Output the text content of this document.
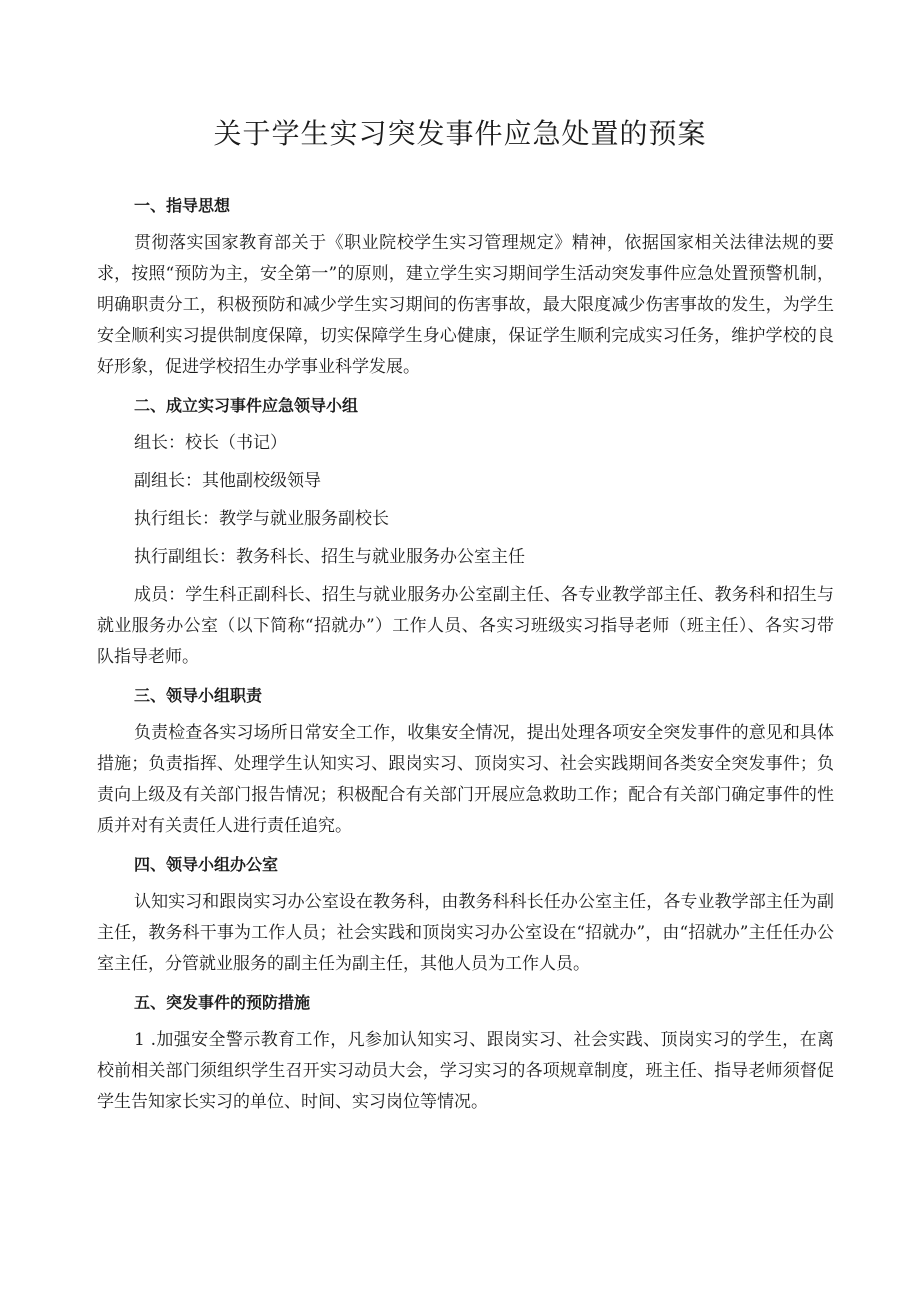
关于学生实习突发事件应急处置的预案
一、指导思想

贯彻落实国家教育部关于《职业院校学生实习管理规定》精神，依据国家相关法律法规的要求，按照“预防为主，安全第一”的原则，建立学生实习期间学生活动突发事件应急处置预警机制，明确职责分工，积极预防和减少学生实习期间的伤害事故，最大限度减少伤害事故的发生，为学生安全顺利实习提供制度保障，切实保障学生身心健康，保证学生顺利完成实习任务，维护学校的良好形象，促进学校招生办学事业科学发展。

二、成立实习事件应急领导小组
组长：校长（书记）
副组长：其他副校级领导
执行组长：教学与就业服务副校长
执行副组长：教务科长、招生与就业服务办公室主任

成员：学生科正副科长、招生与就业服务办公室副主任、各专业教学部主任、教务科和招生与就业服务办公室（以下简称“招就办”）工作人员、各实习班级实习指导老师（班主任）、各实习带队指导老师。

三、领导小组职责

负责检查各实习场所日常安全工作，收集安全情况，提出处理各项安全突发事件的意见和具体措施；负责指挥、处理学生认知实习、跟岗实习、顶岗实习、社会实践期间各类安全突发事件；负责向上级及有关部门报告情况；积极配合有关部门开展应急救助工作；配合有关部门确定事件的性质并对有关责任人进行责任追究。

四、领导小组办公室

认知实习和跟岗实习办公室设在教务科，由教务科科长任办公室主任，各专业教学部主任为副主任，教务科干事为工作人员；社会实践和顶岗实习办公室设在“招就办”，由“招就办”主任任办公室主任，分管就业服务的副主任为副主任，其他人员为工作人员。

五、突发事件的预防措施

1 .加强安全警示教育工作，凡参加认知实习、跟岗实习、社会实践、顶岗实习的学生，在离校前相关部门须组织学生召开实习动员大会，学习实习的各项规章制度，班主任、指导老师须督促学生告知家长实习的单位、时间、实习岗位等情况。
